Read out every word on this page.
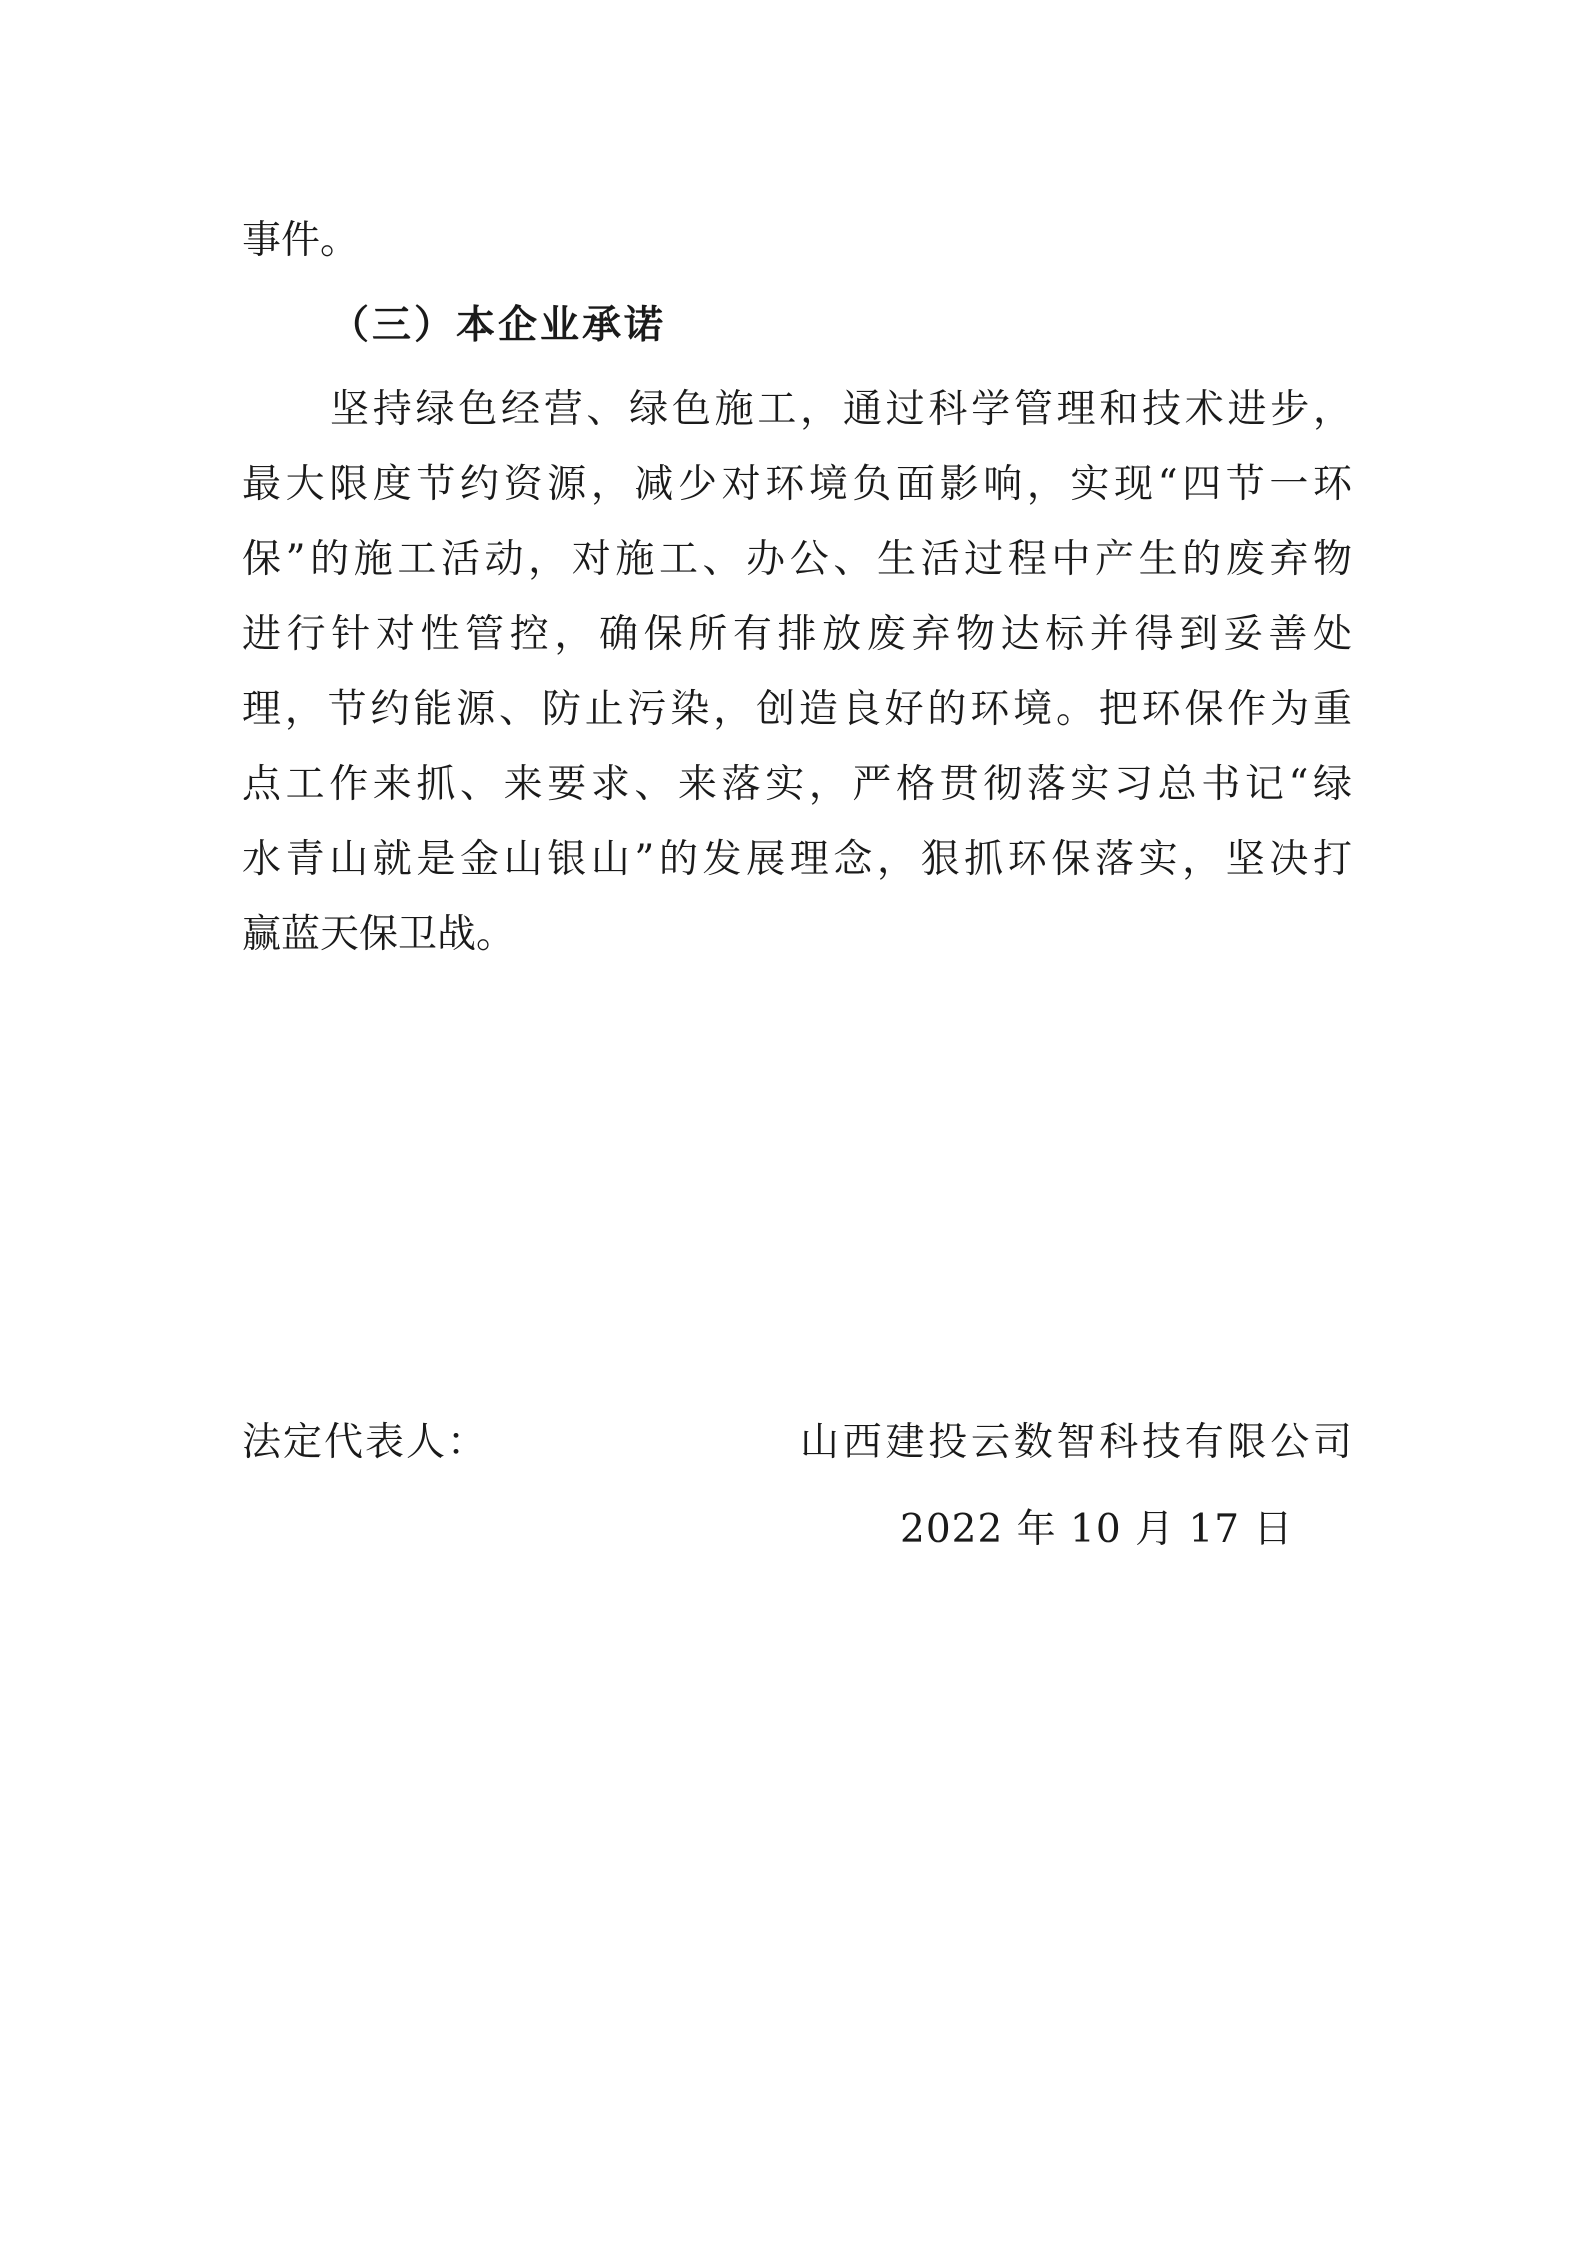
事件。
（三）本企业承诺
坚持绿色经营、绿色施工，通过科学管理和技术进步，
最大限度节约资源，减少对环境负面影响，实现“四节一环
保”的施工活动，对施工、办公、生活过程中产生的废弃物
进行针对性管控，确保所有排放废弃物达标并得到妥善处
理，节约能源、防止污染，创造良好的环境。把环保作为重
点工作来抓、来要求、来落实，严格贯彻落实习总书记“绿
水青山就是金山银山”的发展理念，狠抓环保落实，坚决打
赢蓝天保卫战。
法定代表人：	山西建投云数智科技有限公司
2022 年 10 月 17 日
